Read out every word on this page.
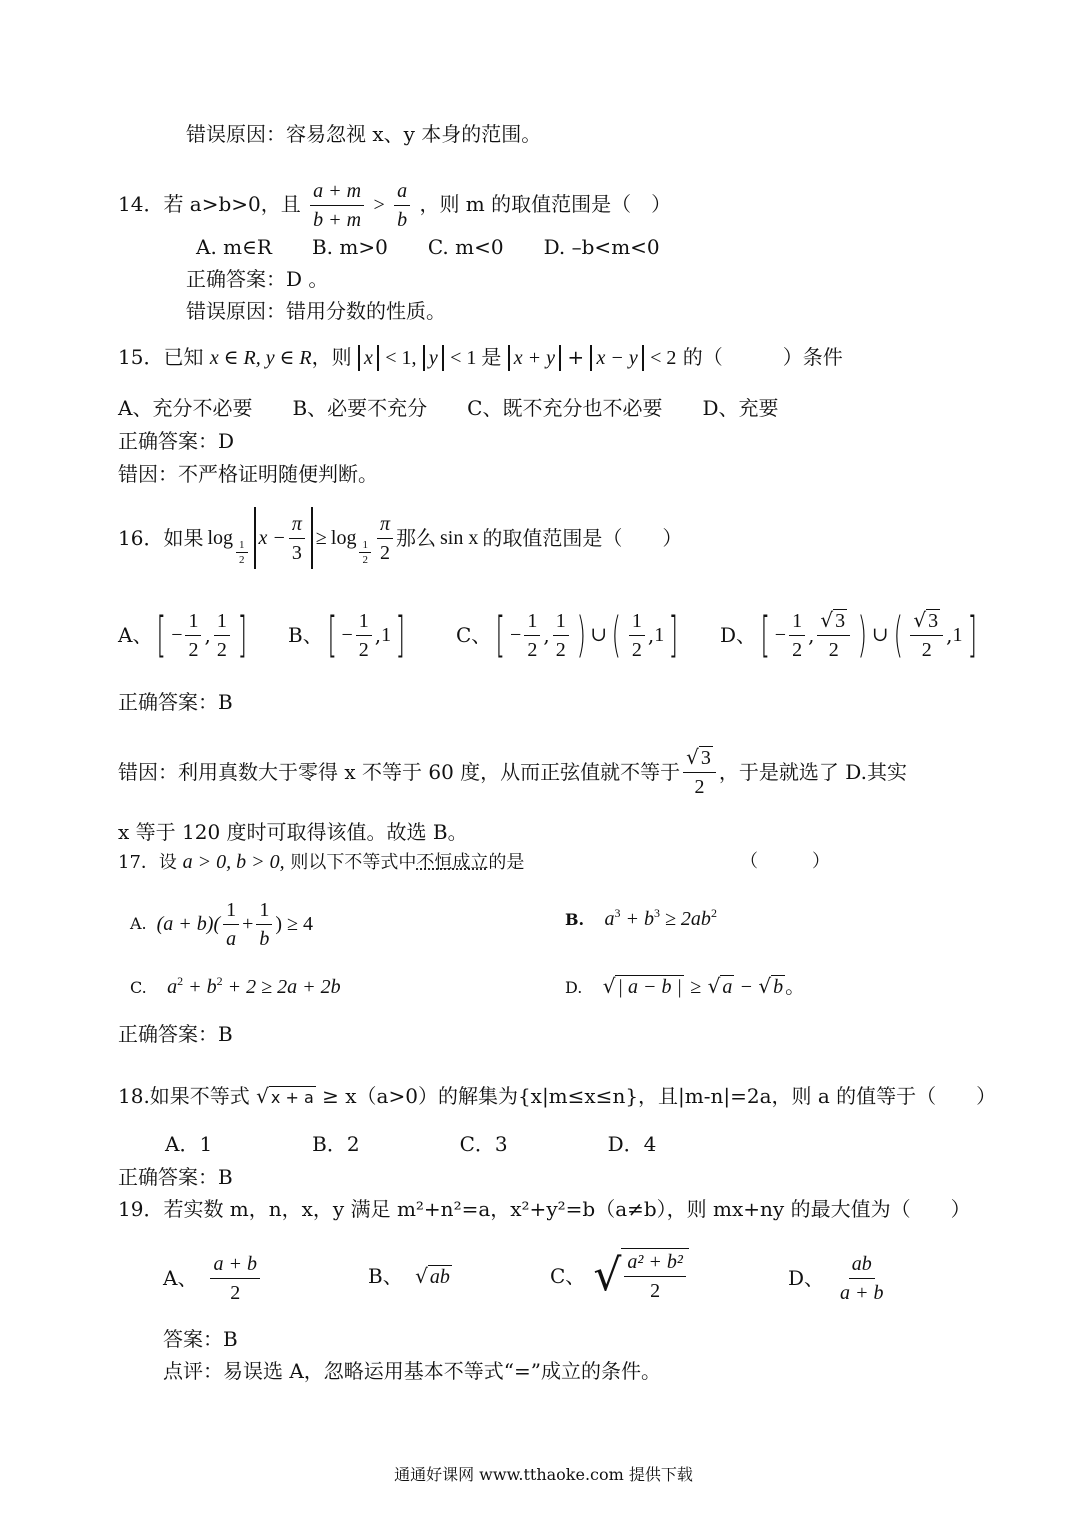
错误原因：容易忽视 x、y 本身的范围。
14．若 a>b>0，且 $\frac{a + m}{b + m} > \frac{a}{b}$ ，则 m 的取值范围是（　）
A. m∈R　　B. m>0　　C. m<0　　D. –b<m<0
正确答案：D 。
错误原因：错用分数的性质。
15．已知 x ∈ R, y ∈ R，则 x < 1, y < 1 是 x + y + x − y < 2 的（　　　）条件
A、充分不必要　　B、必要不充分　　C、既不充分也不必要　　D、充要
正确答案：D
错因：不严格证明随便判断。
16．如果 log
$\frac{1}{2}$
$x - \frac{\pi}{3} \ge \log$
$\frac{1}{2} \frac{\pi}{2}$ 那么 sin x 的取值范围是（　　）
A、 [ − $\frac{1}{2}$ , $\frac{1}{2}$ ] B、 [ − $\frac{1}{2}$ , 1 ]	C、 [ − $\frac{1}{2}$ , $\frac{1}{2}$ ) ∪ ( $\frac{1}{2}$ , 1 ] D、 [ − $\frac{1}{2}$ , $\frac{√ 3}{2}$ ) ∪ ( $\frac{√ 3}{2}$ , 1 ]
正确答案：B
错因：利用真数大于零得 x 不等于 60 度，从而正弦值就不等于 $\frac{√ 3}{2}$ ，于是就选了 D.其实
x 等于 120 度时可取得该值。故选 B。
17．设 a > 0, b > 0, 则以下不等式中不恒成立的是	（　　　）
A. $(a + b)( \frac{1}{a} + \frac{1}{b}$ ) ≥ 4	B. $a^3 + b^3 \ge 2ab^2$
C. $a^2 + b^2 + 2 \ge 2a + 2b$	D. √ | a − b | ≥ √ a − √ b 。
正确答案：B
18.如果不等式 √ x + a ≥ x（a>0）的解集为{x|m≤x≤n}，且|m-n|=2a，则 a 的值等于（　　）
A．1　　　　　B．2　　　　　C．3　　　　　D．4
正确答案：B
19．若实数 m，n，x，y 满足 m²+n²=a，x²+y²=b（a≠b），则 mx+ny 的最大值为（　　）
A、 $\frac{a + b}{2}$	B、 √ ab	C、 √ $\frac{\text{a² + b²}}{2}$	D、 $\frac{ab}{a + b}$
答案：B
点评：易误选 A，忽略运用基本不等式“=”成立的条件。
通通好课网 www.tthaoke.com 提供下载
